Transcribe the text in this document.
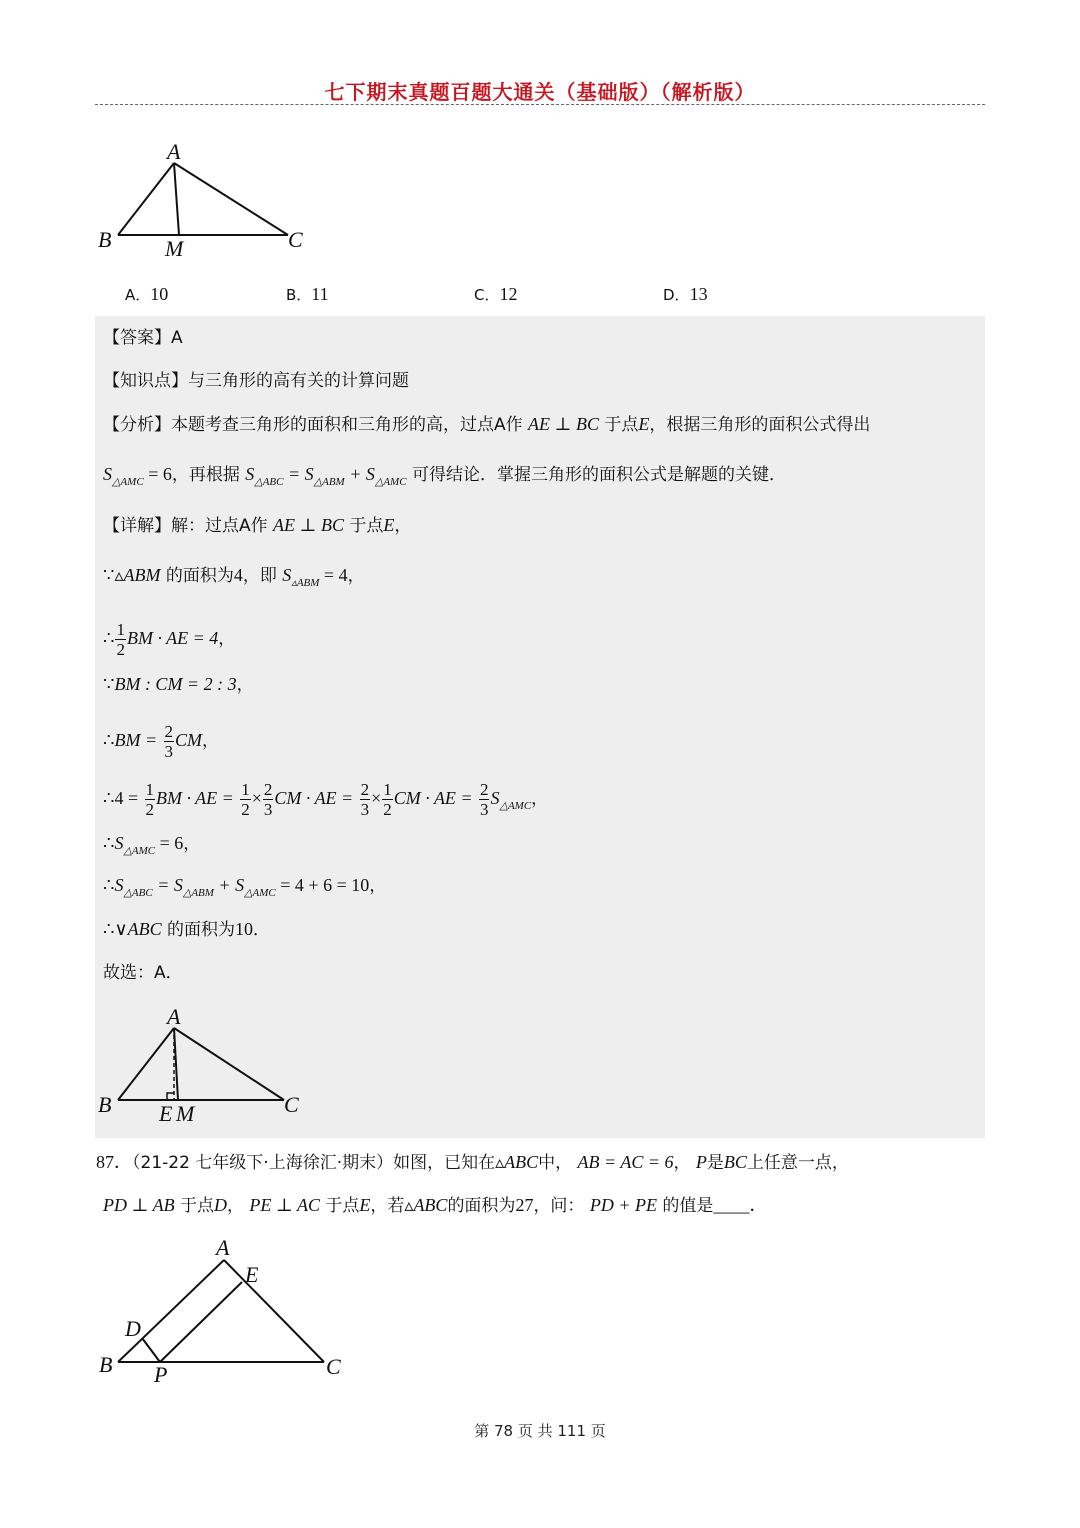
七下期末真题百题大通关（基础版）（解析版）
A
B	C
M
A．10	B．11	C．12	D．13
【答案】A
【知识点】与三角形的高有关的计算问题
【分析】本题考查三角形的面积和三角形的高，过点A作 AE ⊥ BC 于点E，根据三角形的面积公式得出
$S_{\triangle AMC} = 6$，再根据 $S_{\triangle ABC} = S_{\triangle ABM} + S_{\triangle AMC}$ 可得结论．掌握三角形的面积公式是解题的关键．
【详解】解：过点A作 AE ⊥ BC 于点E，
∵▵ABM 的面积为4，即 $S_{▵ABM} = 4$，
∴ $\frac{1}{2}$ BM · AE = 4，
∵BM : CM = 2 : 3，
∴BM = $\frac{2}{3}$ CM，
∴4 = $\frac{1}{2}$ BM · AE = $\frac{1}{2} \times \frac{2}{3}$ CM · AE = $\frac{2}{3} \times \frac{1}{2}$ CM · AE = $\frac{2}{3} S_{\triangle AMC}$，
$\therefore S_{\triangle AMC} = 6$，
$\therefore S_{\triangle ABC} = S_{\triangle ABM} + S_{\triangle AMC} = 4 + 6 = 10$，
∴∨ABC 的面积为10．
故选：A．
A
B	C
E M
87．（21-22 七年级下·上海徐汇·期末）如图，已知在▵ABC中， AB = AC = 6， P是BC上任意一点，
PD ⊥ AB 于点D， PE ⊥ AC 于点E，若▵ABC的面积为27，问： PD + PE 的值是____．
A
E
D
B P	C
第 78 页 共 111 页
